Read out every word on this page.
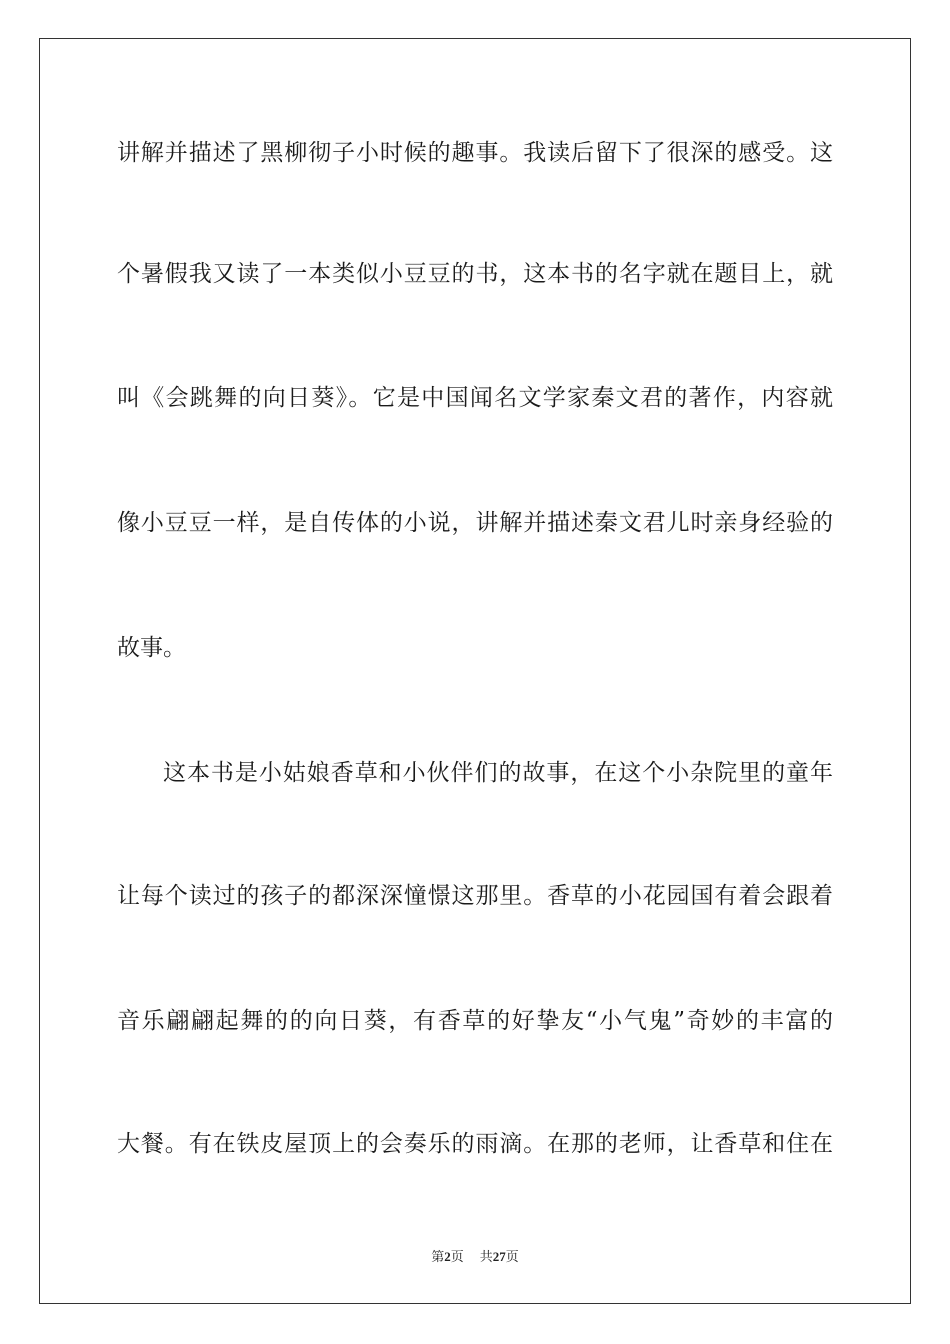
讲解并描述了黑柳彻子小时候的趣事。我读后留下了很深的感受。这
个暑假我又读了一本类似小豆豆的书，这本书的名字就在题目上，就
叫《会跳舞的向日葵》。它是中国闻名文学家秦文君的著作，内容就
像小豆豆一样，是自传体的小说，讲解并描述秦文君儿时亲身经验的
故事。
这本书是小姑娘香草和小伙伴们的故事，在这个小杂院里的童年
让每个读过的孩子的都深深憧憬这那里。香草的小花园国有着会跟着
音乐翩翩起舞的的向日葵，有香草的好挚友“小气鬼”奇妙的丰富的
大餐。有在铁皮屋顶上的会奏乐的雨滴。在那的老师，让香草和住在
第2页 共27页
